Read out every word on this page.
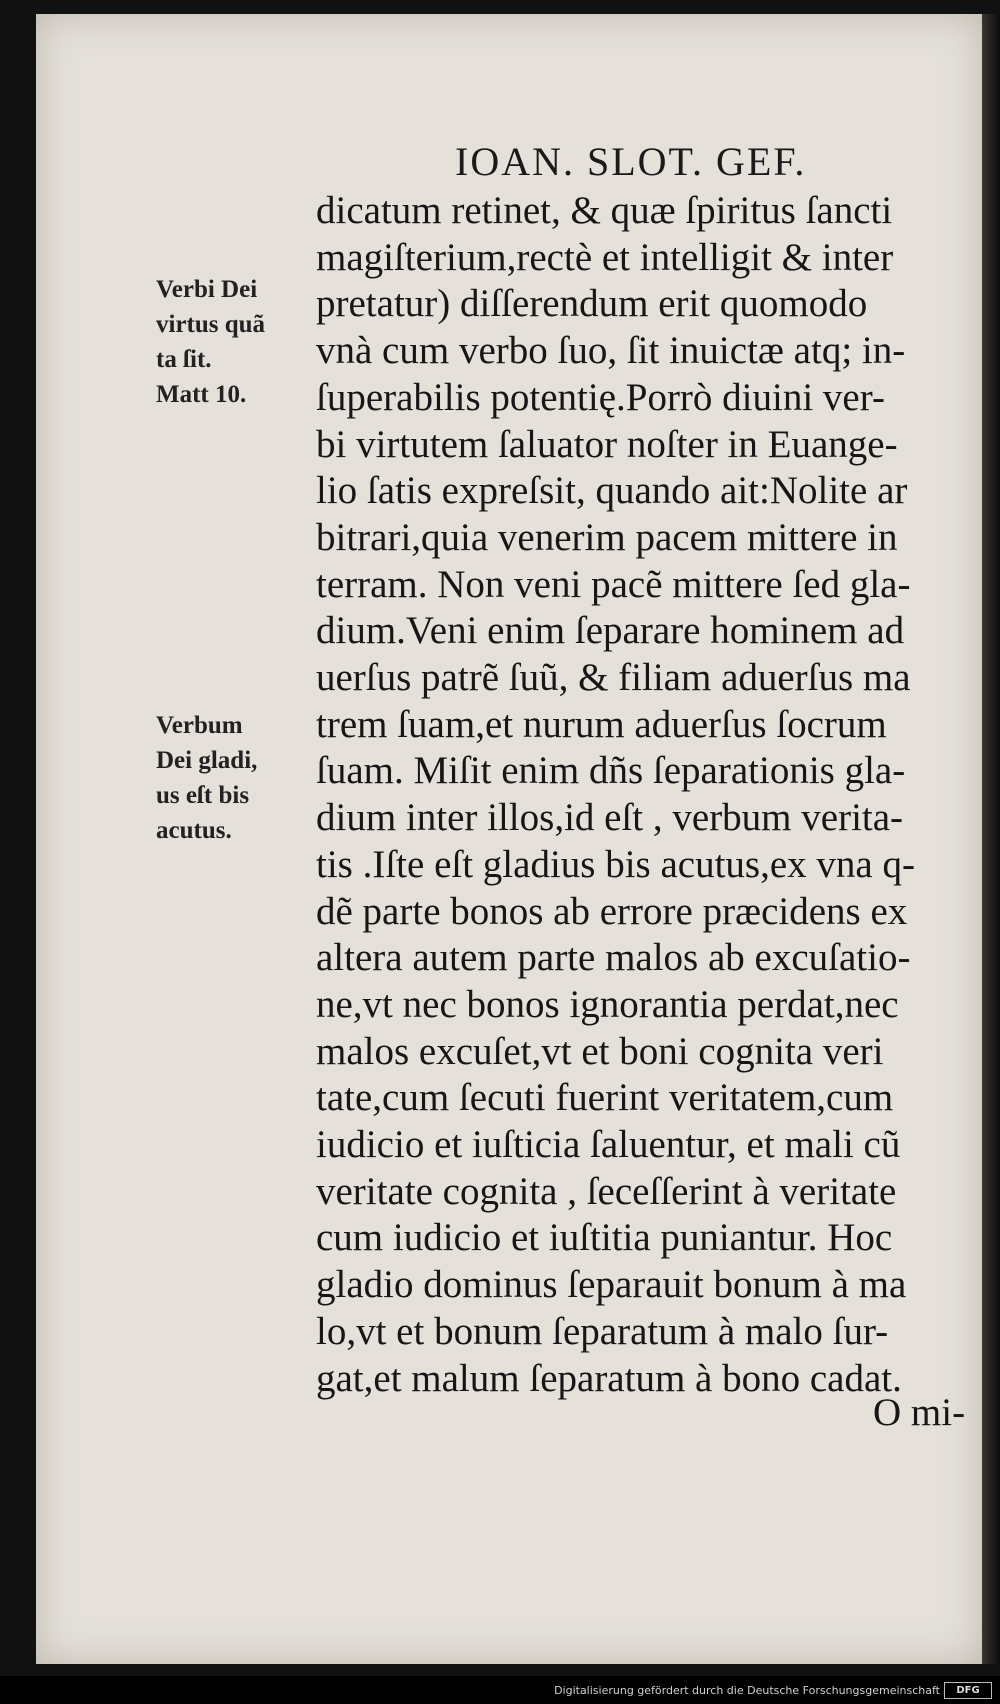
IOAN. SLOT. GEF.
Verbi Dei
virtus quã
ta ſit.
Matt 10.
Verbum
Dei gladi,
us eſt bis
acutus.
dicatum retinet, & quæ ſpiritus ſancti
magiſterium,rectè et intelligit & inter
pretatur) diſſerendum erit quomodo
vnà cum verbo ſuo, ſit inuictæ atq; in-
ſuperabilis potentię.Porrò diuini ver-
bi virtutem ſaluator noſter in Euange-
lio ſatis expreſsit, quando ait:Nolite ar
bitrari,quia venerim pacem mittere in
terram. Non veni pacẽ mittere ſed gla-
dium.Veni enim ſeparare hominem ad
uerſus patrẽ ſuũ, & filiam aduerſus ma
trem ſuam,et nurum aduerſus ſocrum
ſuam. Miſit enim dñs ſeparationis gla-
dium inter illos,id eſt , verbum verita-
tis .Iſte eſt gladius bis acutus,ex vna q-
dẽ parte bonos ab errore præcidens ex
altera autem parte malos ab excuſatio-
ne,vt nec bonos ignorantia perdat,nec
malos excuſet,vt et boni cognita veri
tate,cum ſecuti fuerint veritatem,cum
iudicio et iuſticia ſaluentur, et mali cũ
veritate cognita , ſeceſſerint à veritate
cum iudicio et iuſtitia puniantur. Hoc
gladio dominus ſeparauit bonum à ma
lo,vt et bonum ſeparatum à malo ſur-
gat,et malum ſeparatum à bono cadat.
O mi-
Digitalisierung gefördert durch die Deutsche Forschungsgemeinschaft	DFG
